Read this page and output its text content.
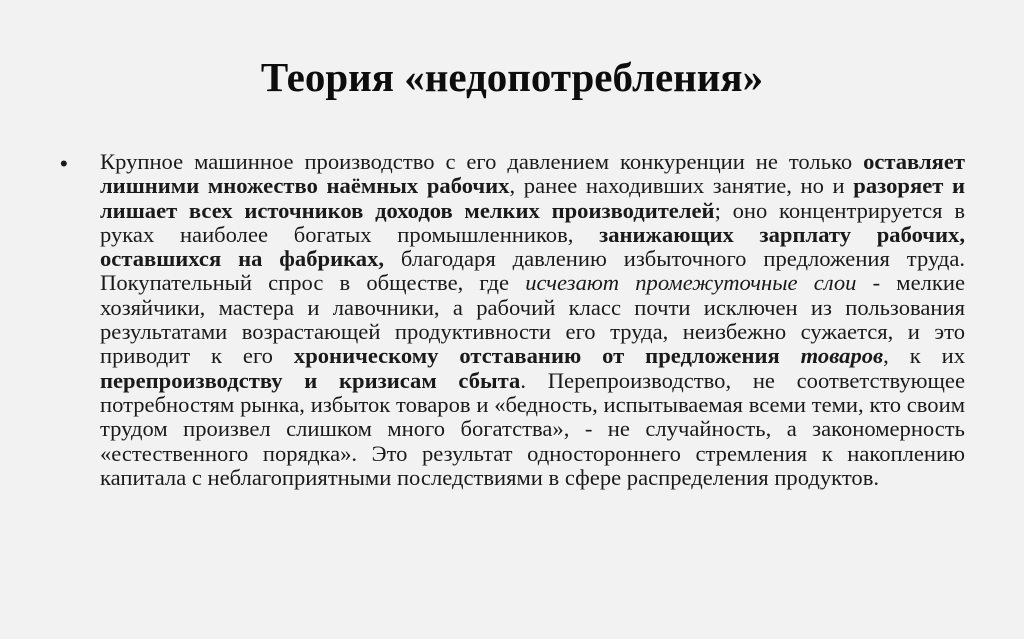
Теория «недопотребления»
• Крупное машинное производство с его давлением конкуренции не только оставляет лишними множество наёмных рабочих, ранее находивших занятие, но и разоряет и лишает всех источников доходов мелких производителей; оно концентрируется в руках наиболее богатых промышленников, занижающих зарплату рабочих, оставшихся на фабриках, благодаря давлению избыточного предложения труда. Покупательный спрос в обществе, где исчезают промежуточные слои - мелкие хозяйчики, мастера и лавочники, а рабочий класс почти исключен из пользования результатами возрастающей продуктивности его труда, неизбежно сужается, и это приводит к его хроническому отставанию от предложения товаров, к их перепроизводству и кризисам сбыта. Перепроизводство, не соответствующее потребностям рынка, избыток товаров и «бедность, испытываемая всеми теми, кто своим трудом произвел слишком много богатства», - не случайность, а закономерность «естественного порядка». Это результат одностороннего стремления к накоплению капитала с неблагоприятными последствиями в сфере распределения продуктов.
